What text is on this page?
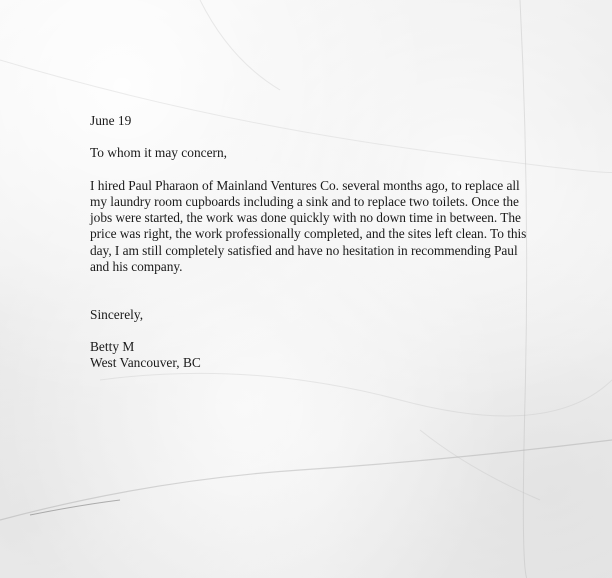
June 19

To whom it may concern,

I hired Paul Pharaon of Mainland Ventures Co. several months ago, to replace all my laundry room cupboards including a sink and to replace two toilets. Once the jobs were started, the work was done quickly with no down time in between. The price was right, the work professionally completed, and the sites left clean. To this day, I am still completely satisfied and have no hesitation in recommending Paul and his company.

Sincerely,

Betty M

West Vancouver, BC
